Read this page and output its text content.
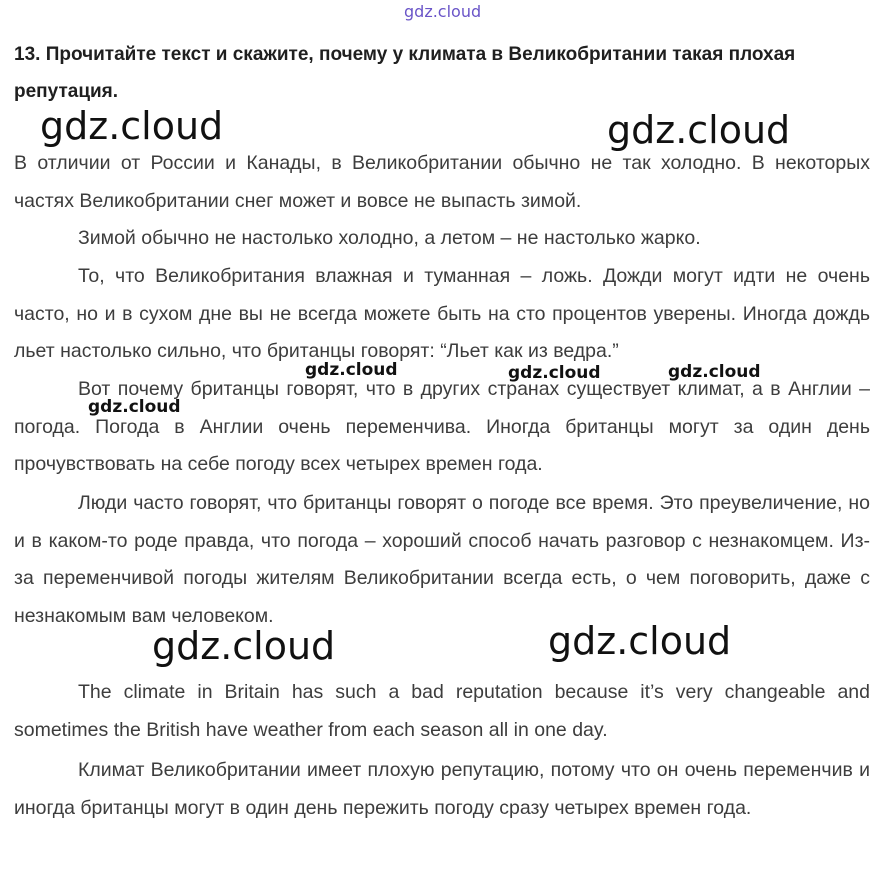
gdz.cloud
13. Прочитайте текст и скажите, почему у климата в Великобритании такая плохая репутация.

В отличии от России и Канады, в Великобритании обычно не так холодно. В некоторых частях Великобритании снег может и вовсе не выпасть зимой.

Зимой обычно не настолько холодно, а летом – не настолько жарко.

То, что Великобритания влажная и туманная – ложь. Дожди могут идти не очень часто, но и в сухом дне вы не всегда можете быть на сто процентов уверены. Иногда дождь льет настолько сильно, что британцы говорят: “Льет как из ведра.”

Вот почему британцы говорят, что в других странах существует климат, а в Англии – погода. Погода в Англии очень переменчива. Иногда британцы могут за один день прочувствовать на себе погоду всех четырех времен года.

Люди часто говорят, что британцы говорят о погоде все время. Это преувеличение, но и в каком-то роде правда, что погода – хороший способ начать разговор с незнакомцем. Из-за переменчивой погоды жителям Великобритании всегда есть, о чем поговорить, даже с незнакомым вам человеком.

The climate in Britain has such a bad reputation because it’s very changeable and sometimes the British have weather from each season all in one day.

Климат Великобритании имеет плохую репутацию, потому что он очень переменчив и иногда британцы могут в один день пережить погоду сразу четырех времен года.

gdz.cloud	gdz.cloud
gdz.cloud	gdz.cloud	gdz.cloud
gdz.cloud
gdz.cloud	gdz.cloud
